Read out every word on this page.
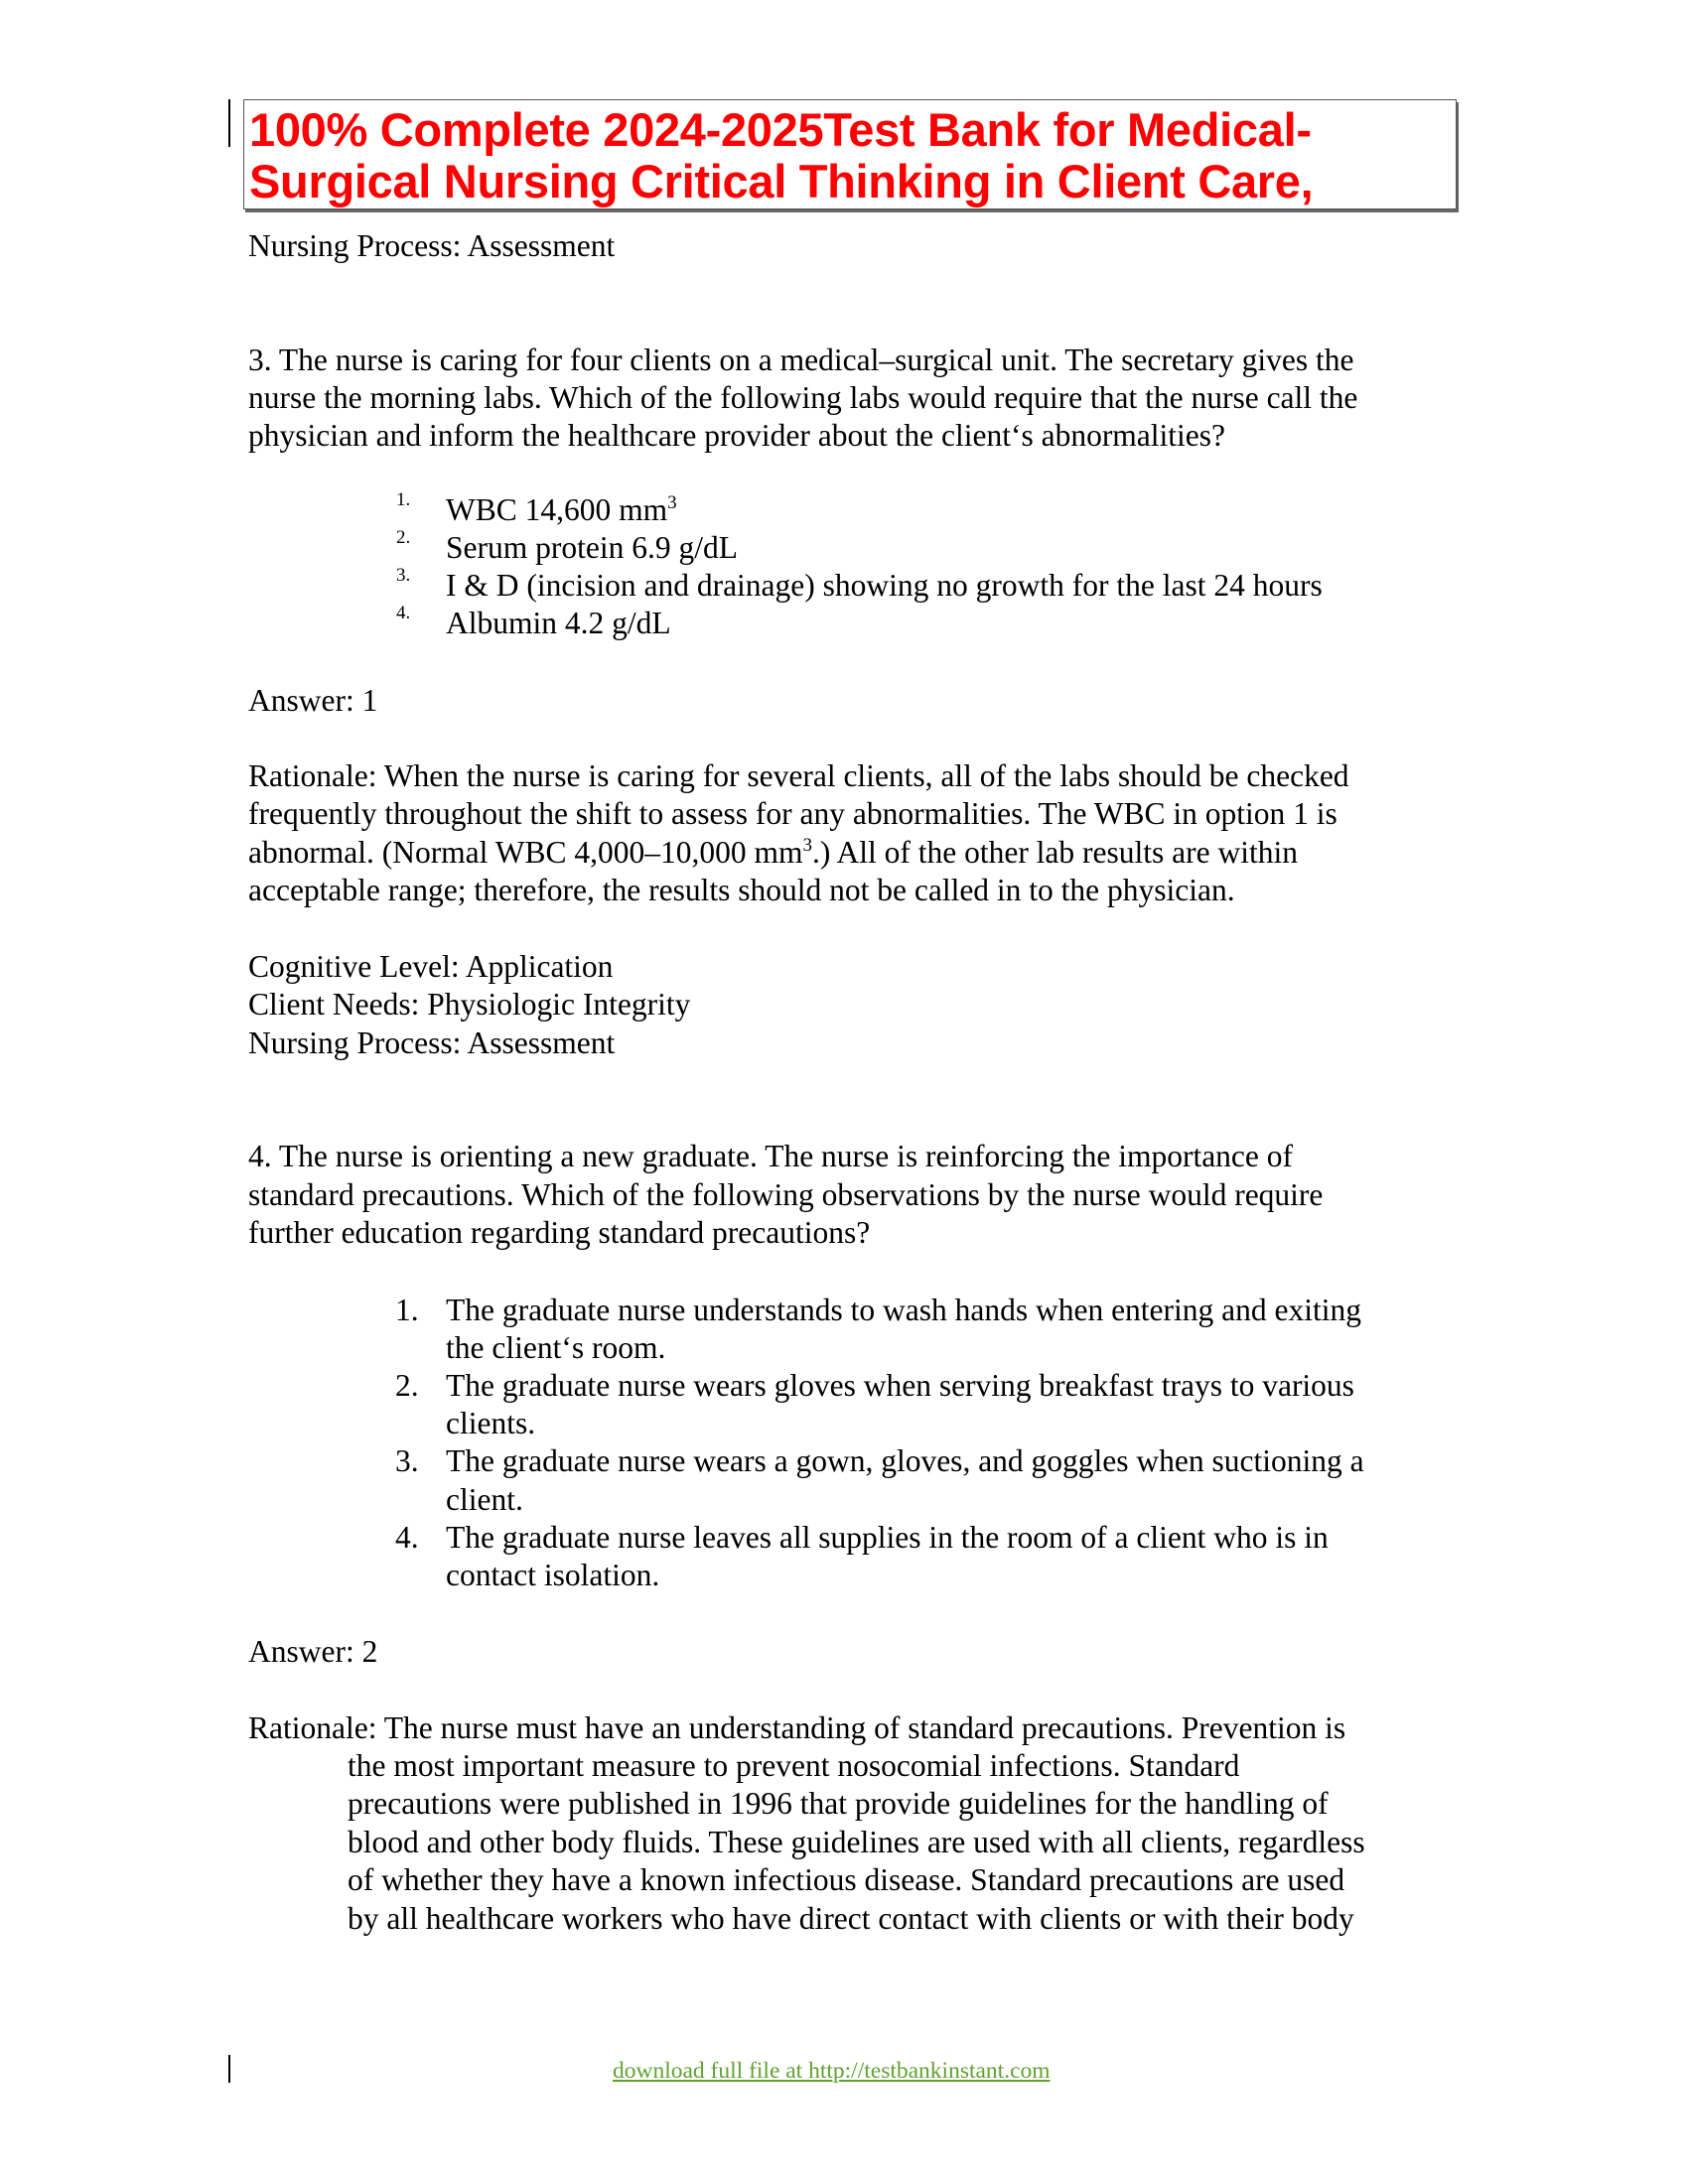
100% Complete 2024-2025Test Bank for Medical-
Surgical Nursing Critical Thinking in Client Care,
Nursing Process: Assessment
3. The nurse is caring for four clients on a medical–surgical unit. The secretary gives the
nurse the morning labs. Which of the following labs would require that the nurse call the
physician and inform the healthcare provider about the client‘s abnormalities?
1. WBC 14,600 $mm^3$
2. Serum protein 6.9 g/dL
3. I & D (incision and drainage) showing no growth for the last 24 hours
4. Albumin 4.2 g/dL
Answer: 1
Rationale: When the nurse is caring for several clients, all of the labs should be checked
frequently throughout the shift to assess for any abnormalities. The WBC in option 1 is
abnormal. (Normal WBC 4,000–10,000 $mm^3$.) All of the other lab results are within
acceptable range; therefore, the results should not be called in to the physician.
Cognitive Level: Application
Client Needs: Physiologic Integrity
Nursing Process: Assessment
4. The nurse is orienting a new graduate. The nurse is reinforcing the importance of
standard precautions. Which of the following observations by the nurse would require
further education regarding standard precautions?
1. The graduate nurse understands to wash hands when entering and exiting
the client‘s room.
2. The graduate nurse wears gloves when serving breakfast trays to various
clients.
3. The graduate nurse wears a gown, gloves, and goggles when suctioning a
client.
4. The graduate nurse leaves all supplies in the room of a client who is in
contact isolation.
Answer: 2
Rationale: The nurse must have an understanding of standard precautions. Prevention is
the most important measure to prevent nosocomial infections. Standard
precautions were published in 1996 that provide guidelines for the handling of
blood and other body fluids. These guidelines are used with all clients, regardless
of whether they have a known infectious disease. Standard precautions are used
by all healthcare workers who have direct contact with clients or with their body
download full file at http://testbankinstant.com
